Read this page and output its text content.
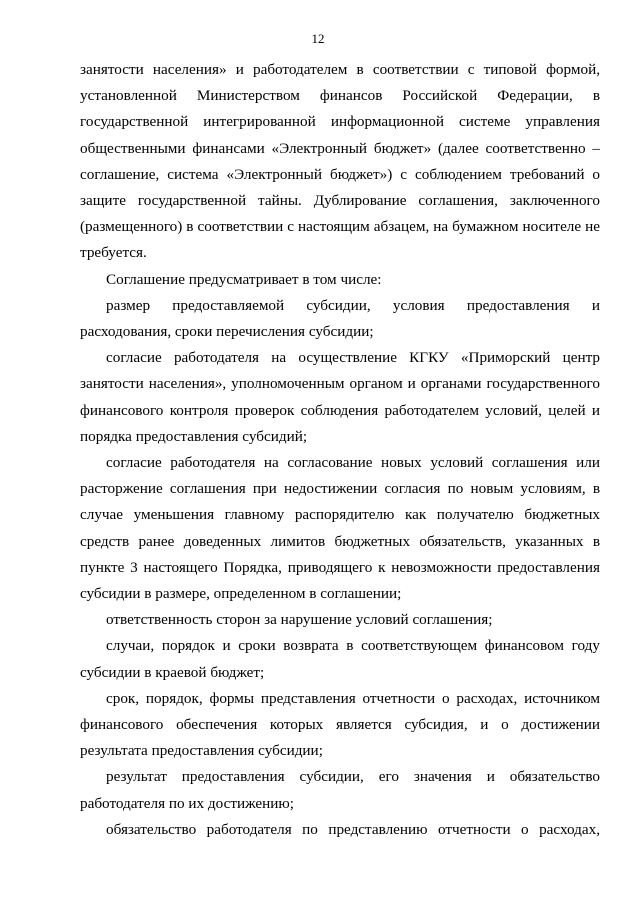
12

занятости населения» и работодателем в соответствии с типовой формой, установленной Министерством финансов Российской Федерации, в государственной интегрированной информационной системе управления общественными финансами «Электронный бюджет» (далее соответственно – соглашение, система «Электронный бюджет») с соблюдением требований о защите государственной тайны. Дублирование соглашения, заключенного (размещенного) в соответствии с настоящим абзацем, на бумажном носителе не требуется.

Соглашение предусматривает в том числе:

размер предоставляемой субсидии, условия предоставления и расходования, сроки перечисления субсидии;

согласие работодателя на осуществление КГКУ «Приморский центр занятости населения», уполномоченным органом и органами государственного финансового контроля проверок соблюдения работодателем условий, целей и порядка предоставления субсидий;

согласие работодателя на согласование новых условий соглашения или расторжение соглашения при недостижении согласия по новым условиям, в случае уменьшения главному распорядителю как получателю бюджетных средств ранее доведенных лимитов бюджетных обязательств, указанных в пункте 3 настоящего Порядка, приводящего к невозможности предоставления субсидии в размере, определенном в соглашении;

ответственность сторон за нарушение условий соглашения;

случаи, порядок и сроки возврата в соответствующем финансовом году субсидии в краевой бюджет;

срок, порядок, формы представления отчетности о расходах, источником финансового обеспечения которых является субсидия, и о достижении результата предоставления субсидии;

результат предоставления субсидии, его значения и обязательство работодателя по их достижению;

обязательство работодателя по представлению отчетности о расходах,
